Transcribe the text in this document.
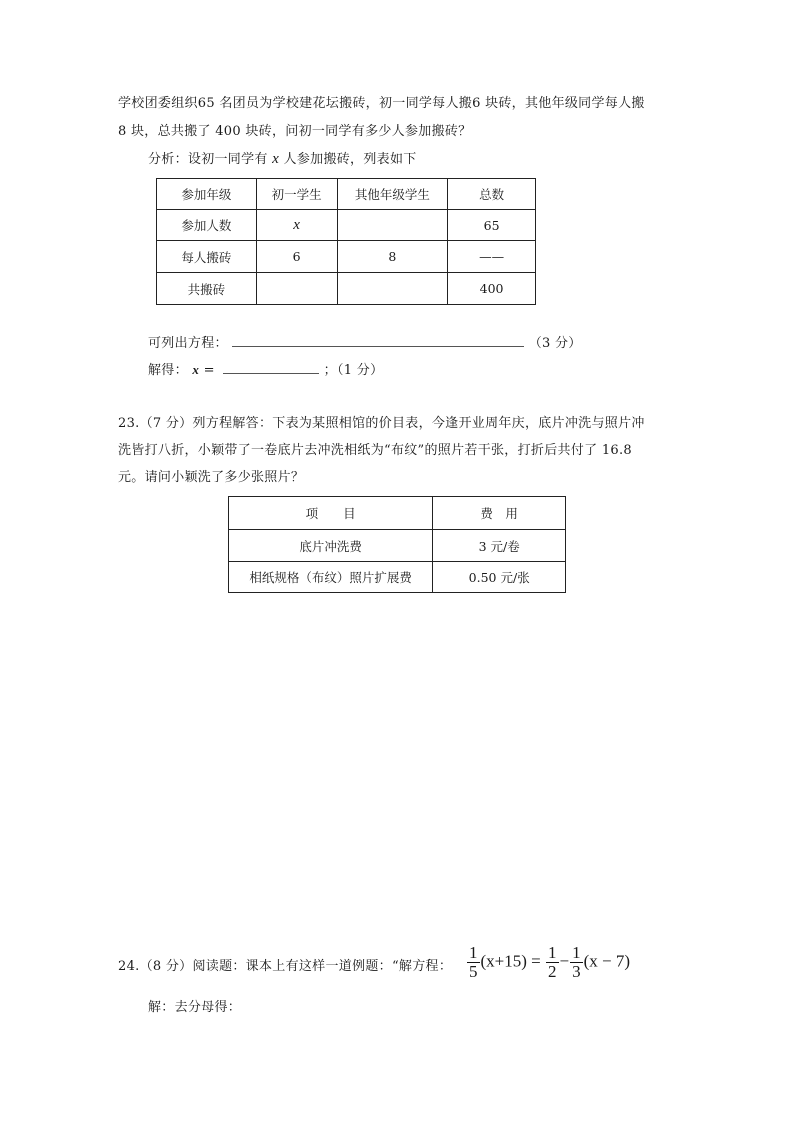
学校团委组织65 名团员为学校建花坛搬砖，初一同学每人搬6 块砖，其他年级同学每人搬
8 块，总共搬了 400 块砖，问初一同学有多少人参加搬砖？
分析：设初一同学有 x 人参加搬砖，列表如下
参加年级	初一学生	其他年级学生	总数
参加人数	x		65
每人搬砖	6	8	——
共搬砖			400
可列出方程：	（3 分）
解得： x =	；（1 分）
23.（7 分）列方程解答：下表为某照相馆的价目表，今逢开业周年庆，底片冲洗与照片冲
洗皆打八折，小颖带了一卷底片去冲洗相纸为“布纹”的照片若干张，打折后共付了 16.8
元。请问小颖洗了多少张照片？
项　　目	费　用
底片冲洗费	3 元/卷
相纸规格（布纹）照片扩展费	0.50 元/张
24.（8 分）阅读题：课本上有这样一道例题：“解方程： $\frac{1}{5} (x+15) = \frac{1}{2} - \frac{1}{3} (x - 7)$
解：去分母得：
